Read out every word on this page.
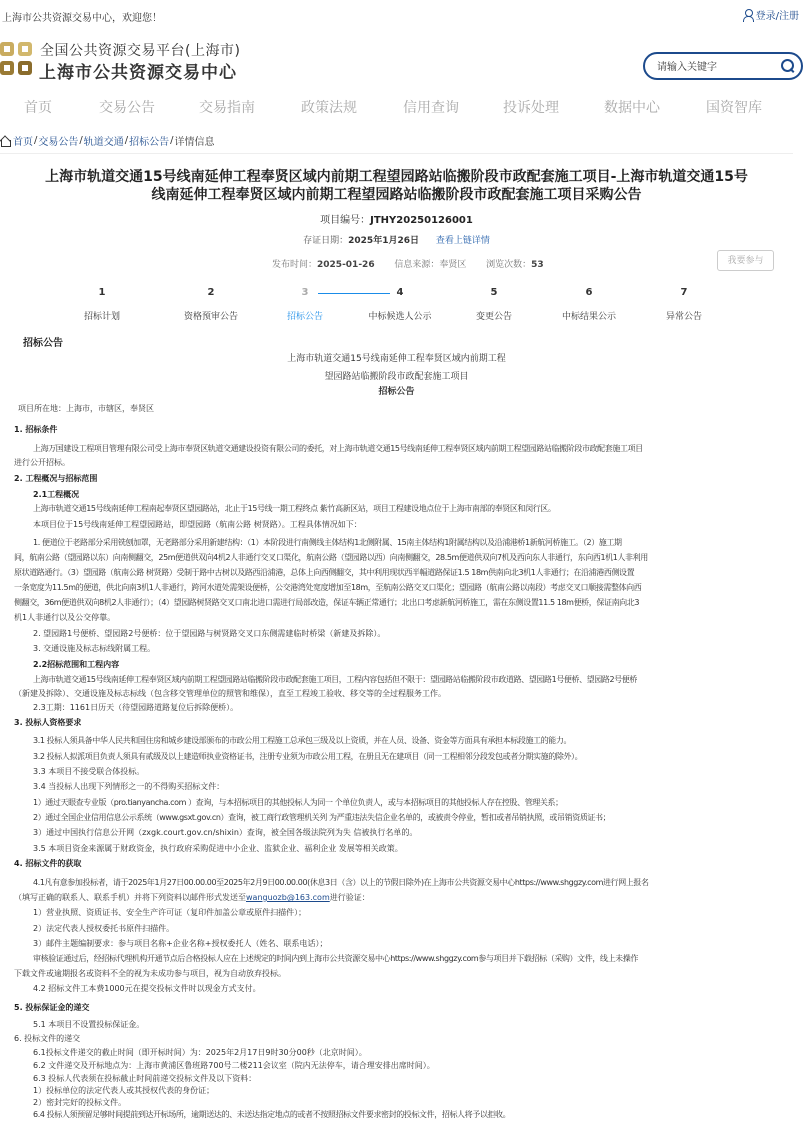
上海市公共资源交易中心，欢迎您！	登录/注册
全国公共资源交易平台(上海市)
上海市公共资源交易中心
请输入关键字
首页	交易公告	交易指南	政策法规	信用查询	投诉处理	数据中心	国资智库
首页 / 交易公告 / 轨道交通 / 招标公告 / 详情信息
上海市轨道交通15号线南延伸工程奉贤区域内前期工程望园路站临搬阶段市政配套施工项目-上海市轨道交通15号线南延伸工程奉贤区域内前期工程望园路站临搬阶段市政配套施工项目采购公告
项目编号：JTHY20250126001
存证日期：2025年1月26日 查看上链详情
发布时间：2025-01-26 信息来源：奉贤区 浏览次数：53	我要参与
1
招标计划
2
资格预审公告
3
招标公告
4
中标候选人公示
5
变更公告
6
中标结果公示
7
异常公告
招标公告
上海市轨道交通15号线南延伸工程奉贤区域内前期工程
望园路站临搬阶段市政配套施工项目
招标公告

项目所在地：上海市，市辖区，奉贤区

1. 招标条件

上海万国建设工程项目管理有限公司受上海市奉贤区轨道交通建设投资有限公司的委托，对上海市轨道交通15号线南延伸工程奉贤区域内前期工程望园路站临搬阶段市政配套施工项目

进行公开招标。

2. 工程概况与招标范围

2.1工程概况

上海市轨道交通15号线南延伸工程南起奉贤区望园路站，北止于15号线一期工程终点 紫竹高新区站，项目工程建设地点位于上海市南部的奉贤区和闵行区。

本项目位于15号线南延伸工程望园路站，即望园路（航南公路 树贤路）。工程具体情况如下：

1. 便道位于老路部分采用铣刨加罩，无老路部分采用新建结构：（1）本阶段进行南侧线主体结构1北侧附属、15南主体结构1附属结构以及沿浦港桥1新航河桥施工。（2）施工期

间，航南公路（望园路以东）向南侧翻交，25m便道供双向4机2人非通行交叉口渠化，航南公路（望园路以西）向南侧翻交，28.5m便道供双向7机及西向东人非通行，东向西1机1人非利用

原状道路通行。（3）望园路（航南公路 树贤路）受制于路中古树以及路西沿浦港，总体上向西侧翻交，其中利用现状西半幅道路保证1.5 18m供南向北3机1人非通行；在沿浦港西侧设置

一条宽度为11.5m的便道，供北向南3机1人非通行，跨河水道处需架设便桥，公交港湾处宽度增加至18m，至航南公路交叉口渠化；望园路（航南公路以南段）考虑交叉口顺接需整体向西

侧翻交，36m便道供双向8机2人非通行）；（4）望园路树贤路交叉口南北进口需进行局部改造，保证车辆正常通行；北出口考虑新航河桥施工，需在东侧设置11.5 18m便桥，保证南向北3

机1人非通行以及公交停靠。

2. 望园路1号便桥、望园路2号便桥：位于望园路与树贤路交叉口东侧需建临时桥梁（新建及拆除）。

3. 交通设施及标志标线附属工程。

2.2招标范围和工程内容

上海市轨道交通15号线南延伸工程奉贤区域内前期工程望园路站临搬阶段市政配套施工项目，工程内容包括但不限于：望园路站临搬阶段市政道路、望园路1号便桥、望园路2号便桥

（新建及拆除）、交通设施及标志标线（包含移交管理单位的照管和维保），直至工程竣工验收、移交等的全过程服务工作。

2.3工期：1161日历天（待望园路道路复位后拆除便桥）。

3. 投标人资格要求

3.1 投标人须具备中华人民共和国住房和城乡建设部颁布的市政公用工程施工总承包三级及以上资质，并在人员、设备、资金等方面具有承担本标段施工的能力。

3.2 投标人拟派项目负责人须具有贰级及以上建造师执业资格证书，注册专业须为市政公用工程，在册且无在建项目（同一工程相邻分段发包或者分期实施的除外）。

3.3 本项目不接受联合体投标。

3.4 当投标人出现下列情形之一的不得购买招标文件：

1）通过天眼查专业版（pro.tianyancha.com ）查询，与本招标项目的其他投标人为同一 个单位负责人，或与本招标项目的其他投标人存在控股、管理关系；

2）通过全国企业信用信息公示系统（www.gsxt.gov.cn）查询，被工商行政管理机关列 为严重违法失信企业名单的，或被责令停业，暂扣或者吊销执照，或吊销资质证书；

3）通过中国执行信息公开网（zxgk.court.gov.cn/shixin）查询，被全国各级法院列为失 信被执行名单的。

3.5 本项目资金来源属于财政资金，执行政府采购促进中小企业、监狱企业、福利企业 发展等相关政策。

4. 招标文件的获取

4.1凡有意参加投标者，请于2025年1月27日00.00.00至2025年2月9日00.00.00(休息3日（含）以上的节假日除外)在上海市公共资源交易中心https://www.shggzy.com进行网上报名

（填写正确的联系人、联系手机）并将下列资料以邮件形式发送至wanguozb@163.com进行验证：

1）营业执照、资质证书、安全生产许可证（复印件加盖公章或原件扫描件）；

2）法定代表人授权委托书原件扫描件。

3）邮件主题编制要求：参与项目名称+企业名称+授权委托人（姓名、联系电话）；

审核验证通过后，经招标代理机构开通节点后合格投标人应在上述规定的时间内到上海市公共资源交易中心https://www.shggzy.com参与项目并下载招标（采购）文件，线上未操作

下载文件或逾期报名或资料不全的视为未成功参与项目，视为自动放弃投标。

4.2 招标文件工本费1000元在提交投标文件时以现金方式支付。

5. 投标保证金的递交

5.1 本项目不设置投标保证金。

6. 投标文件的递交

6.1投标文件递交的截止时间（即开标时间）为：2025年2月17日9时30分00秒（北京时间）。

6.2 文件递交及开标地点为：上海市黄浦区鲁班路700号二楼211会议室（院内无法停车，请合理安排出席时间）。

6.3 投标人代表须在投标截止时间前递交投标文件及以下资料：

1）投标单位的法定代表人或其授权代表的身份证；

2）密封完好的投标文件。

6.4 投标人须预留足够时间提前到达开标场所，逾期送达的、未送达指定地点的或者不按照招标文件要求密封的投标文件，招标人将予以拒收。
